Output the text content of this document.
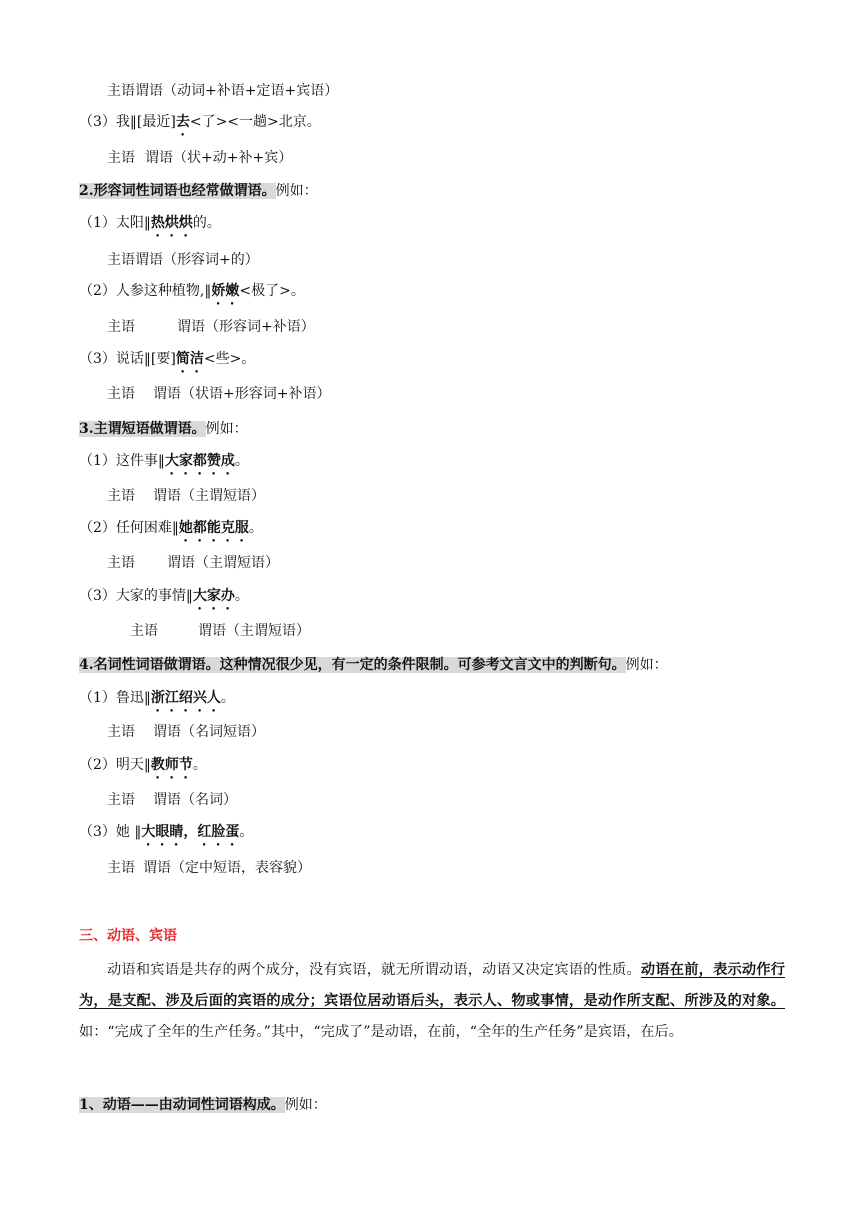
主语谓语（动词+补语+定语+宾语）
（3）我‖[最近]去<了><一趟>北京。
主语 谓语（状+动+补+宾）
2.形容词性词语也经常做谓语。例如：
（1）太阳‖热烘烘的。
主语谓语（形容词+的）
（2）人参这种植物,‖娇嫩<极了>。
主语	谓语（形容词+补语）
（3）说话‖[要]简洁<些>。
主语 谓语（状语+形容词+补语）
3.主谓短语做谓语。例如：
（1）这件事‖大家都赞成。
主语 谓语（主谓短语）
（2）任何困难‖她都能克服。
主语 谓语（主谓短语）
（3）大家的事情‖大家办。
主语	谓语（主谓短语）
4.名词性词语做谓语。这种情况很少见，有一定的条件限制。可参考文言文中的判断句。例如：
（1）鲁迅‖浙江绍兴人。
主语 谓语（名词短语）
（2）明天‖教师节。
主语 谓语（名词）
（3）她 ‖大眼睛，红脸蛋。
主语 谓语（定中短语，表容貌）
三、动语、宾语
动语和宾语是共存的两个成分，没有宾语，就无所谓动语，动语又决定宾语的性质。动语在前，表示动作行为，是支配、涉及后面的宾语的成分；宾语位居动语后头，表示人、物或事情，是动作所支配、所涉及的对象。如：“完成了全年的生产任务。”其中，“完成了”是动语，在前，“全年的生产任务”是宾语，在后。
1、动语——由动词性词语构成。例如：
